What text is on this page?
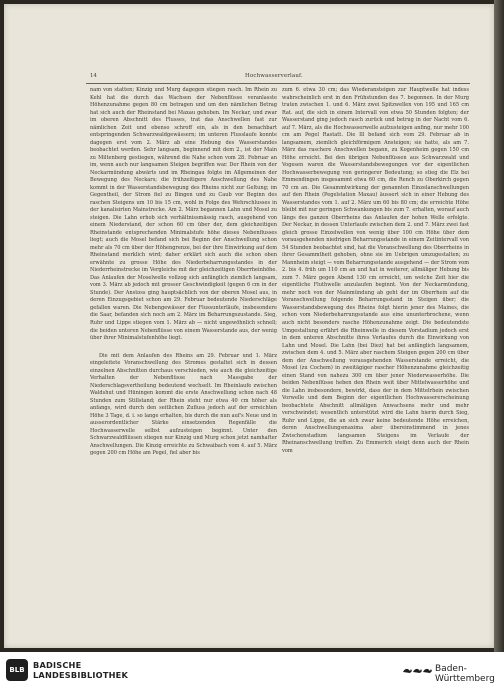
14	Hochwasserverlauf.

nam von statten; Kinzig und Murg dagegen stiegen rasch. Im Rhein zu Kehl hat die durch das Wachsen der Nebenflüsse veranlasste Höhenzunahme gegen 80 cm betragen und um den nämlichen Betrag hat sich auch der Rheinstand bei Maxau gehoben. Im Neckar, und zwar im oberen Abschnitt des Flusses, trat das Anschwellen fast zur nämlichen Zeit und ebenso schroff ein, als in den benachbart entspringenden Schwarzwaldgewässern; im unteren Flusslaufe konnte dagegen erst vom 2. März ab eine Hebung des Wasserstandes beobachtet werden. Sehr langsam, beginnend mit dem 2., ist der Main zu Miltenberg gestiegen, während die Nahe schon vom 28. Februar an im, wenn auch nur langsamen Steigen begriffen war. Der Rhein von der Neckarmündung abwärts und im Rheingau folgte im Allgemeinen der Bewegung des Neckars; die frühzeitigere Anschwellung des Nahe kommt in der Wasserstandsbewegung des Rheins nicht zur Geltung; im Gegentheil, der Strom fiel zu Bingen und zu Caub vor Beginn des raschen Steigens um 10 bis 15 cm, wohl in Folge des Wehrschlusses in der kanalisirten Mainstrecke. Am 2. März begannen Lahn und Mosel zu steigen. Die Lahn erhob sich verhältnissmässig rasch, ausgehend von einem Niederstand, der schon 60 cm über der, dem gleichzeitigen Rheinstande entsprechenden Minimalstufe höhe dieses Nebenflusses liegt; auch die Mosel befand sich bei Beginn der Anschwellung schon mehr als 70 cm über der Höhengrenze, bei der ihre Einwirkung auf dem Rheinstand merklich wird; daher erklärt sich auch die schon oben erwähnte zu grosse Höhe des Niederbeharrungsstandes in der Niederrheinstrecke im Vergleiche mit der gleichzeitigen Oberrheinhöhe. Das Anlaufen der Moselwelle vollzog sich anfänglich ziemlich langsam, vom 3. März ab jedoch mit grosser Geschwindigkeit (gegen 6 cm in der Stunde). Der Anstoss ging hauptsächlich von der oberen Mosel aus, in deren Einzugsgebiet schon am 29. Februar bedeutende Niederschläge gefallen waren. Die Nebengewässer der Flussunterläufe, insbesondere die Saar, befanden sich noch am 2. März im Beharrungszustande. Sieg, Ruhr und Lippe stiegen vom 1. März ab — nicht ungewöhnlich schnell; die beiden unteren Nebenflüsse von einem Wasserstande aus, der wenig über ihrer Minimalstufenhöhe liegt.

Die mit dem Anlaufen des Rheins am 29. Februar und 1. März eingeleitete Voranschwellung des Stromes gestaltet sich in dessen einzelnen Abschnitten durchaus verschieden, wie auch die gleichzeitige Verhalten der Nebenflüsse nach Massgabe der Niederschlagsvertheilung bedeutend wechselt. Im Rheinlaufe zwischen Waldshut und Hüningen kommt die erste Anschwellung schon nach 48 Stunden zum Stillstand; der Rhein steht nur etwa 40 cm höher als anfangs, wird durch den seitlichen Zufluss jedoch auf der erreichten Höhe 3 Tage, d. i. so lange erhalten, bis durch die nun auf's Neue und in ausserordentlicher Stärke einsetzenden Regenfälle die Hochwasserwelle selbst aufzusteigen beginnt. Unter den Schwarzwaldflüssen stiegen nur Kinzig und Murg schon jetzt namhafter Anschwellungen. Die Kinzig erreichte zu Schwaibach vom 4. auf 5. März gegen 200 cm Höhe am Pegel, fiel aber bis

zum 6. etwa 30 cm; das Wiederansteigen zur Hauptwelle hat indess wahrscheinlich erst in den Frühstunden des 7. begonnen. In der Murg traten zwischen 1. und 6. März zwei Spitzwellen von 195 und 165 cm Rat. auf, die sich in einem Intervall von etwa 50 Stunden folgten; der Wasserstand ging jedoch rasch zurück und betrug in der Nacht vom 6. auf 7. März, als die Hochwasserwelle aufzusteigen anfing, nur mehr 100 cm am Pegel Rastatt. Die Ill befand sich vom 29. Februar ab in langsamem, ziemlich gleichförmigem Ansteigen; sie hatte, als am 7. März das raschere Anschwellen begann, zu Kogenheim gegen 150 cm Höhe erreicht. Bei den übrigen Nebenflüssen aus Schwarzwald und Vogesen waren die Wasserstandsbewegungen vor der eigentlichen Hochwasserbewegung von geringerer Bedeutung; so stieg die Elz bei Emmendingen insgesammt etwa 60 cm, die Rench zu Oberkirch gegen 70 cm an. Die Gesammtwirkung der genannten Einzelanschwellungen auf den Rhein (Pegelstation Maxau) äussert sich in einer Hebung des Wasserstandes vom 1. auf 2. März um 60 bis 80 cm; die erreichte Höhe bleibt mit nur geringen Schwankungen bis zum 7. erhalten, worauf auch längs des ganzen Oberrheins das Anlaufen der hohen Welle erfolgte. Der Neckar, in dessen Unterlaufe zwischen dem 2. und 7. März zwei fast gleich grosse Einzelwellen von wenig über 100 cm Höhe über dem vorausgehenden niedrigen Beharrungsstande in einem Zeitintervall von 54 Stunden beobachtet sind, hat die Voranschwellung des Oberrheins in ihrer Gesammtheit gehoben, ohne sie im Uebrigen umzugestalten; zu Mannheim steigt — vom Beharrungsstande ausgehend — der Strom vom 2. bis 4. früh um 110 cm an und hat in weiterer, allmäliger Hebung bis zum 7. März gegen Abend 130 cm erreicht, um welche Zeit hier die eigentliche Fluthwelle anzulaufen beginnt. Von der Neckarmündung, mehr noch von der Mainmündung ab geht der im Oberrhein auf die Voranschwellung folgende Beharrungsstand in Steigen über; die Wasserstandsbewegung des Rheins folgt hierin jener des Maines, die schon vom Niederbeharrungsstande aus eine ununterbrochene, wenn auch nicht besonders rasche Höhenzunahme zeigt. Die bedeutendste Umgestaltung erfährt die Rheinwelle in diesem Vorstadium jedoch erst in dem unteren Abschnitte ihres Verlaufes durch die Einwirkung von Lahn und Mosel. Die Lahn (bei Diez) hat bei anfänglich langsamem, zwischen dem 4. und 5. März aber raschem Steigen gegen 200 cm über dem der Anschwellung vorausgehenden Wasserstande erreicht, die Mosel (zu Cochem) in zweitägiger rascher Höhenzunahme gleichzeitig einen Stand von nahezu 300 cm über jener Niederwasserhöhe. Die beiden Nebenflüsse heben den Rhein weit über Mittelwasserhöhe und die Lahn insbesondere, bewirkt, dass der in dem Mittelrhein zwischen Vorwelle und dem Beginn der eigentlichen Hochwassererscheinung beobachtete Abschnitt allmäligen Anwachsens mehr und mehr verschwindet; wesentlich unterstützt wird die Lahn hierin durch Sieg, Ruhr und Lippe, die an sich zwar keine bedeutende Höhe erreichen, deren Anschwellungsmaxima aber übereinstimmend in jenes Zwischenstadium langsamen Steigens im Verlaufe der Rheinanschwellung treffen. Zu Emmerich steigt denn auch der Rhein vom

BLB	BADISCHE
LANDESBIBLIOTHEK
Baden-Württemberg
